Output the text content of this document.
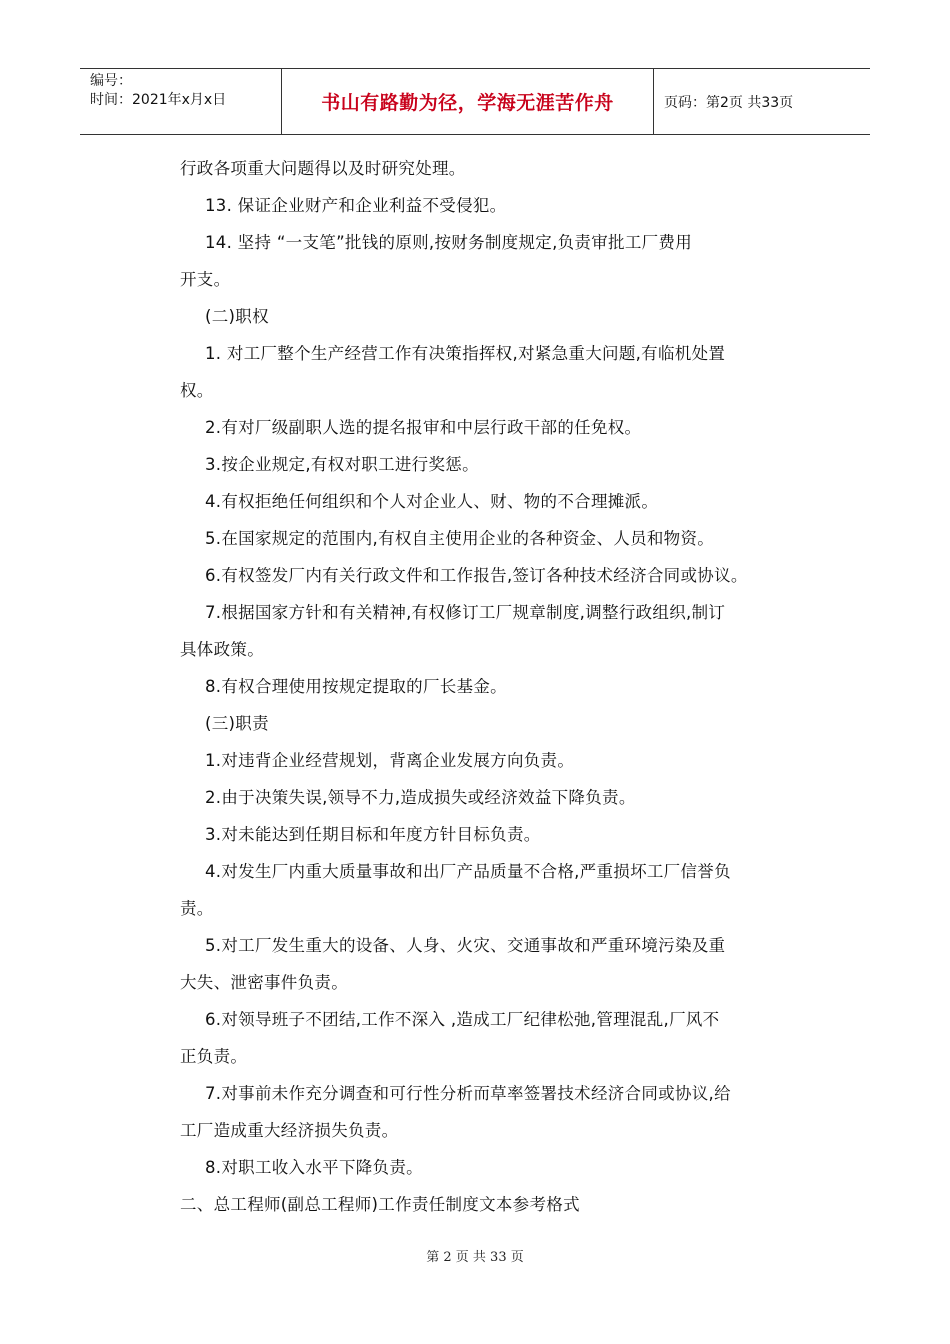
编号：
时间：2021年x月x日	书山有路勤为径，学海无涯苦作舟	页码：第2页 共33页

行政各项重大问题得以及时研究处理。

13. 保证企业财产和企业利益不受侵犯。

14. 坚持 “一支笔”批钱的原则,按财务制度规定,负责审批工厂费用

开支。

(二)职权

1. 对工厂整个生产经营工作有决策指挥权,对紧急重大问题,有临机处置

权。

2.有对厂级副职人选的提名报审和中层行政干部的任免权。

3.按企业规定,有权对职工进行奖惩。

4.有权拒绝任何组织和个人对企业人、财、物的不合理摊派。

5.在国家规定的范围内,有权自主使用企业的各种资金、人员和物资。

6.有权签发厂内有关行政文件和工作报告,签订各种技术经济合同或协议。

7.根据国家方针和有关精神,有权修订工厂规章制度,调整行政组织,制订

具体政策。

8.有权合理使用按规定提取的厂长基金。

(三)职责

1.对违背企业经营规划，背离企业发展方向负责。

2.由于决策失误,领导不力,造成损失或经济效益下降负责。

3.对未能达到任期目标和年度方针目标负责。

4.对发生厂内重大质量事故和出厂产品质量不合格,严重损坏工厂信誉负

责。

5.对工厂发生重大的设备、人身、火灾、交通事故和严重环境污染及重

大失、泄密事件负责。

6.对领导班子不团结,工作不深入 ,造成工厂纪律松弛,管理混乱,厂风不

正负责。

7.对事前未作充分调查和可行性分析而草率签署技术经济合同或协议,给

工厂造成重大经济损失负责。

8.对职工收入水平下降负责。

二、总工程师(副总工程师)工作责任制度文本参考格式

第 2 页 共 33 页
